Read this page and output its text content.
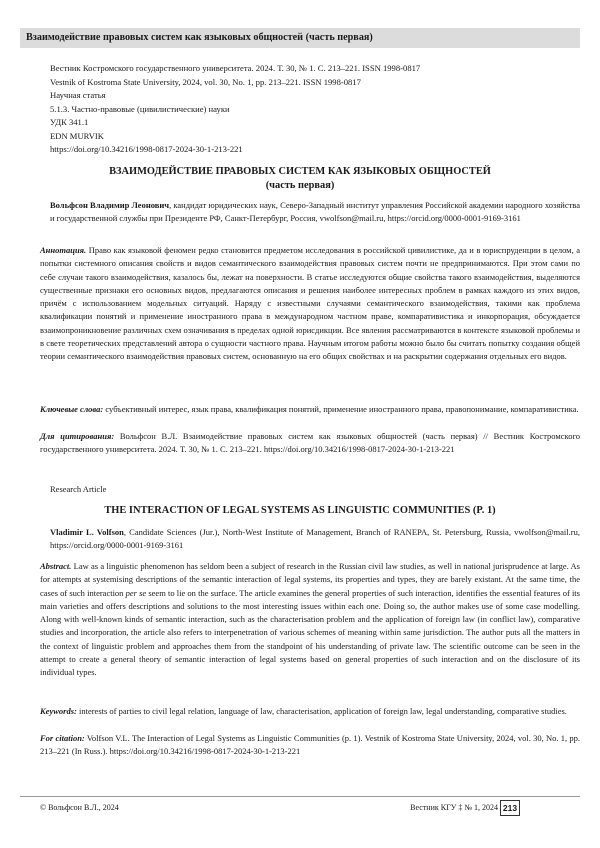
Взаимодействие правовых систем как языковых общностей (часть первая)
Вестник Костромского государственного университета. 2024. Т. 30, № 1. С. 213–221. ISSN 1998-0817
Vestnik of Kostroma State University, 2024, vol. 30, No. 1, pp. 213–221. ISSN 1998-0817
Научная статья
5.1.3. Частно-правовые (цивилистические) науки
УДК 341.1
EDN MURVIK
https://doi.org/10.34216/1998-0817-2024-30-1-213-221
ВЗАИМОДЕЙСТВИЕ ПРАВОВЫХ СИСТЕМ КАК ЯЗЫКОВЫХ ОБЩНОСТЕЙ
(часть первая)
Вольфсон Владимир Леонович, кандидат юридических наук, Северо-Западный институт управления Российской академии народного хозяйства и государственной службы при Президенте РФ, Санкт-Петербург, Россия, vwolfson@mail.ru, https://orcid.org/0000-0001-9169-3161
Аннотация. Право как языковой феномен редко становится предметом исследования в российской цивилистике, да и в юриспруденции в целом, а попытки системного описания свойств и видов семантического взаимодействия правовых систем почти не предпринимаются. При этом сами по себе случаи такого взаимодействия, казалось бы, лежат на поверхности. В статье исследуются общие свойства такого взаимодействия, выделяются существенные признаки его основных видов, предлагаются описания и решения наиболее интересных проблем в рамках каждого из этих видов, причём с использованием модельных ситуаций. Наряду с известными случаями семантического взаимодействия, такими как проблема квалификации понятий и применение иностранного права в международном частном праве, компаративистика и инкорпорация, обсуждается взаимопроникновение различных схем означивания в пределах одной юрисдикции. Все явления рассматриваются в контексте языковой проблемы и в свете теоретических представлений автора о сущности частного права. Научным итогом работы можно было бы считать попытку создания общей теории семантического взаимодействия правовых систем, основанную на его общих свойствах и на раскрытии содержания отдельных его видов.
Ключевые слова: субъективный интерес, язык права, квалификация понятий, применение иностранного права, правопонимание, компаративистика.
Для цитирования: Вольфсон В.Л. Взаимодействие правовых систем как языковых общностей (часть первая) // Вестник Костромского государственного университета. 2024. Т. 30, № 1. С. 213–221. https://doi.org/10.34216/1998-0817-2024-30-1-213-221
Research Article
THE INTERACTION OF LEGAL SYSTEMS AS LINGUISTIC COMMUNITIES (P. 1)
Vladimir L. Volfson, Candidate Sciences (Jur.), North-West Institute of Management, Branch of RANEPA, St. Petersburg, Russia, vwolfson@mail.ru, https://orcid.org/0000-0001-9169-3161
Abstract. Law as a linguistic phenomenon has seldom been a subject of research in the Russian civil law studies, as well in national jurisprudence at large. As for attempts at systemising descriptions of the semantic interaction of legal systems, its properties and types, they are barely existant. At the same time, the cases of such interaction per se seem to lie on the surface. The article examines the general properties of such interaction, identifies the essential features of its main varieties and offers descriptions and solutions to the most interesting issues within each one. Doing so, the author makes use of some case modelling. Along with well-known kinds of semantic interaction, such as the characterisation problem and the application of foreign law (in conflict law), comparative studies and incorporation, the article also refers to interpenetration of various schemes of meaning within same jurisdiction. The author puts all the matters in the context of linguistic problem and approaches them from the standpoint of his understanding of private law. The scientific outcome can be seen in the attempt to create a general theory of semantic interaction of legal systems based on general properties of such interaction and on the disclosure of its individual types.
Keywords: interests of parties to civil legal relation, language of law, characterisation, application of foreign law, legal understanding, comparative studies.
For citation: Volfson V.L. The Interaction of Legal Systems as Linguistic Communities (p. 1). Vestnik of Kostroma State University, 2024, vol. 30, No. 1, pp. 213–221 (In Russ.). https://doi.org/10.34216/1998-0817-2024-30-1-213-221
© Вольфсон В.Л., 2024	Вестник КГУ ‡ № 1, 2024 213
